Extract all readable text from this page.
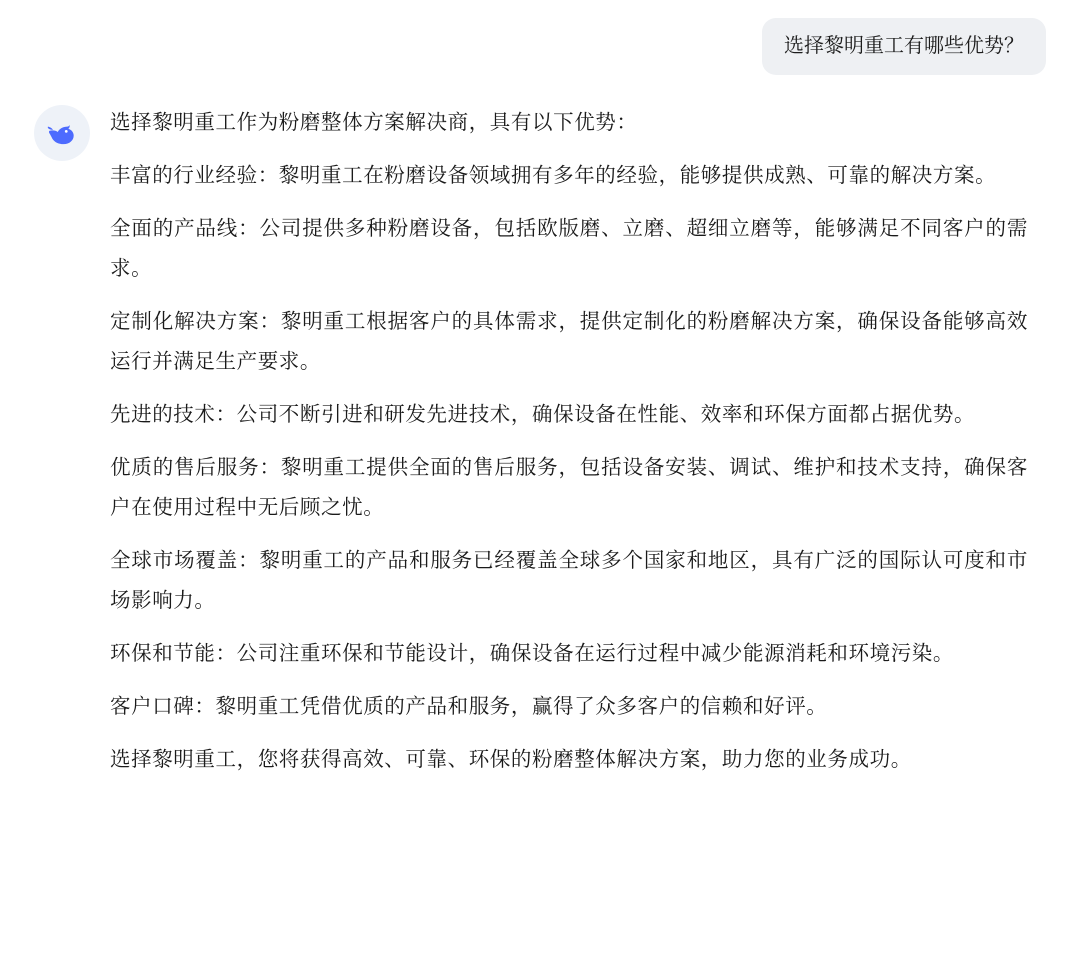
选择黎明重工有哪些优势？

选择黎明重工作为粉磨整体方案解决商，具有以下优势：

丰富的行业经验：黎明重工在粉磨设备领域拥有多年的经验，能够提供成熟、可靠的解决方案。

全面的产品线：公司提供多种粉磨设备，包括欧版磨、立磨、超细立磨等，能够满足不同客户的需求。

定制化解决方案：黎明重工根据客户的具体需求，提供定制化的粉磨解决方案，确保设备能够高效运行并满足生产要求。

先进的技术：公司不断引进和研发先进技术，确保设备在性能、效率和环保方面都占据优势。

优质的售后服务：黎明重工提供全面的售后服务，包括设备安装、调试、维护和技术支持，确保客户在使用过程中无后顾之忧。

全球市场覆盖：黎明重工的产品和服务已经覆盖全球多个国家和地区，具有广泛的国际认可度和市场影响力。

环保和节能：公司注重环保和节能设计，确保设备在运行过程中减少能源消耗和环境污染。

客户口碑：黎明重工凭借优质的产品和服务，赢得了众多客户的信赖和好评。

选择黎明重工，您将获得高效、可靠、环保的粉磨整体解决方案，助力您的业务成功。
